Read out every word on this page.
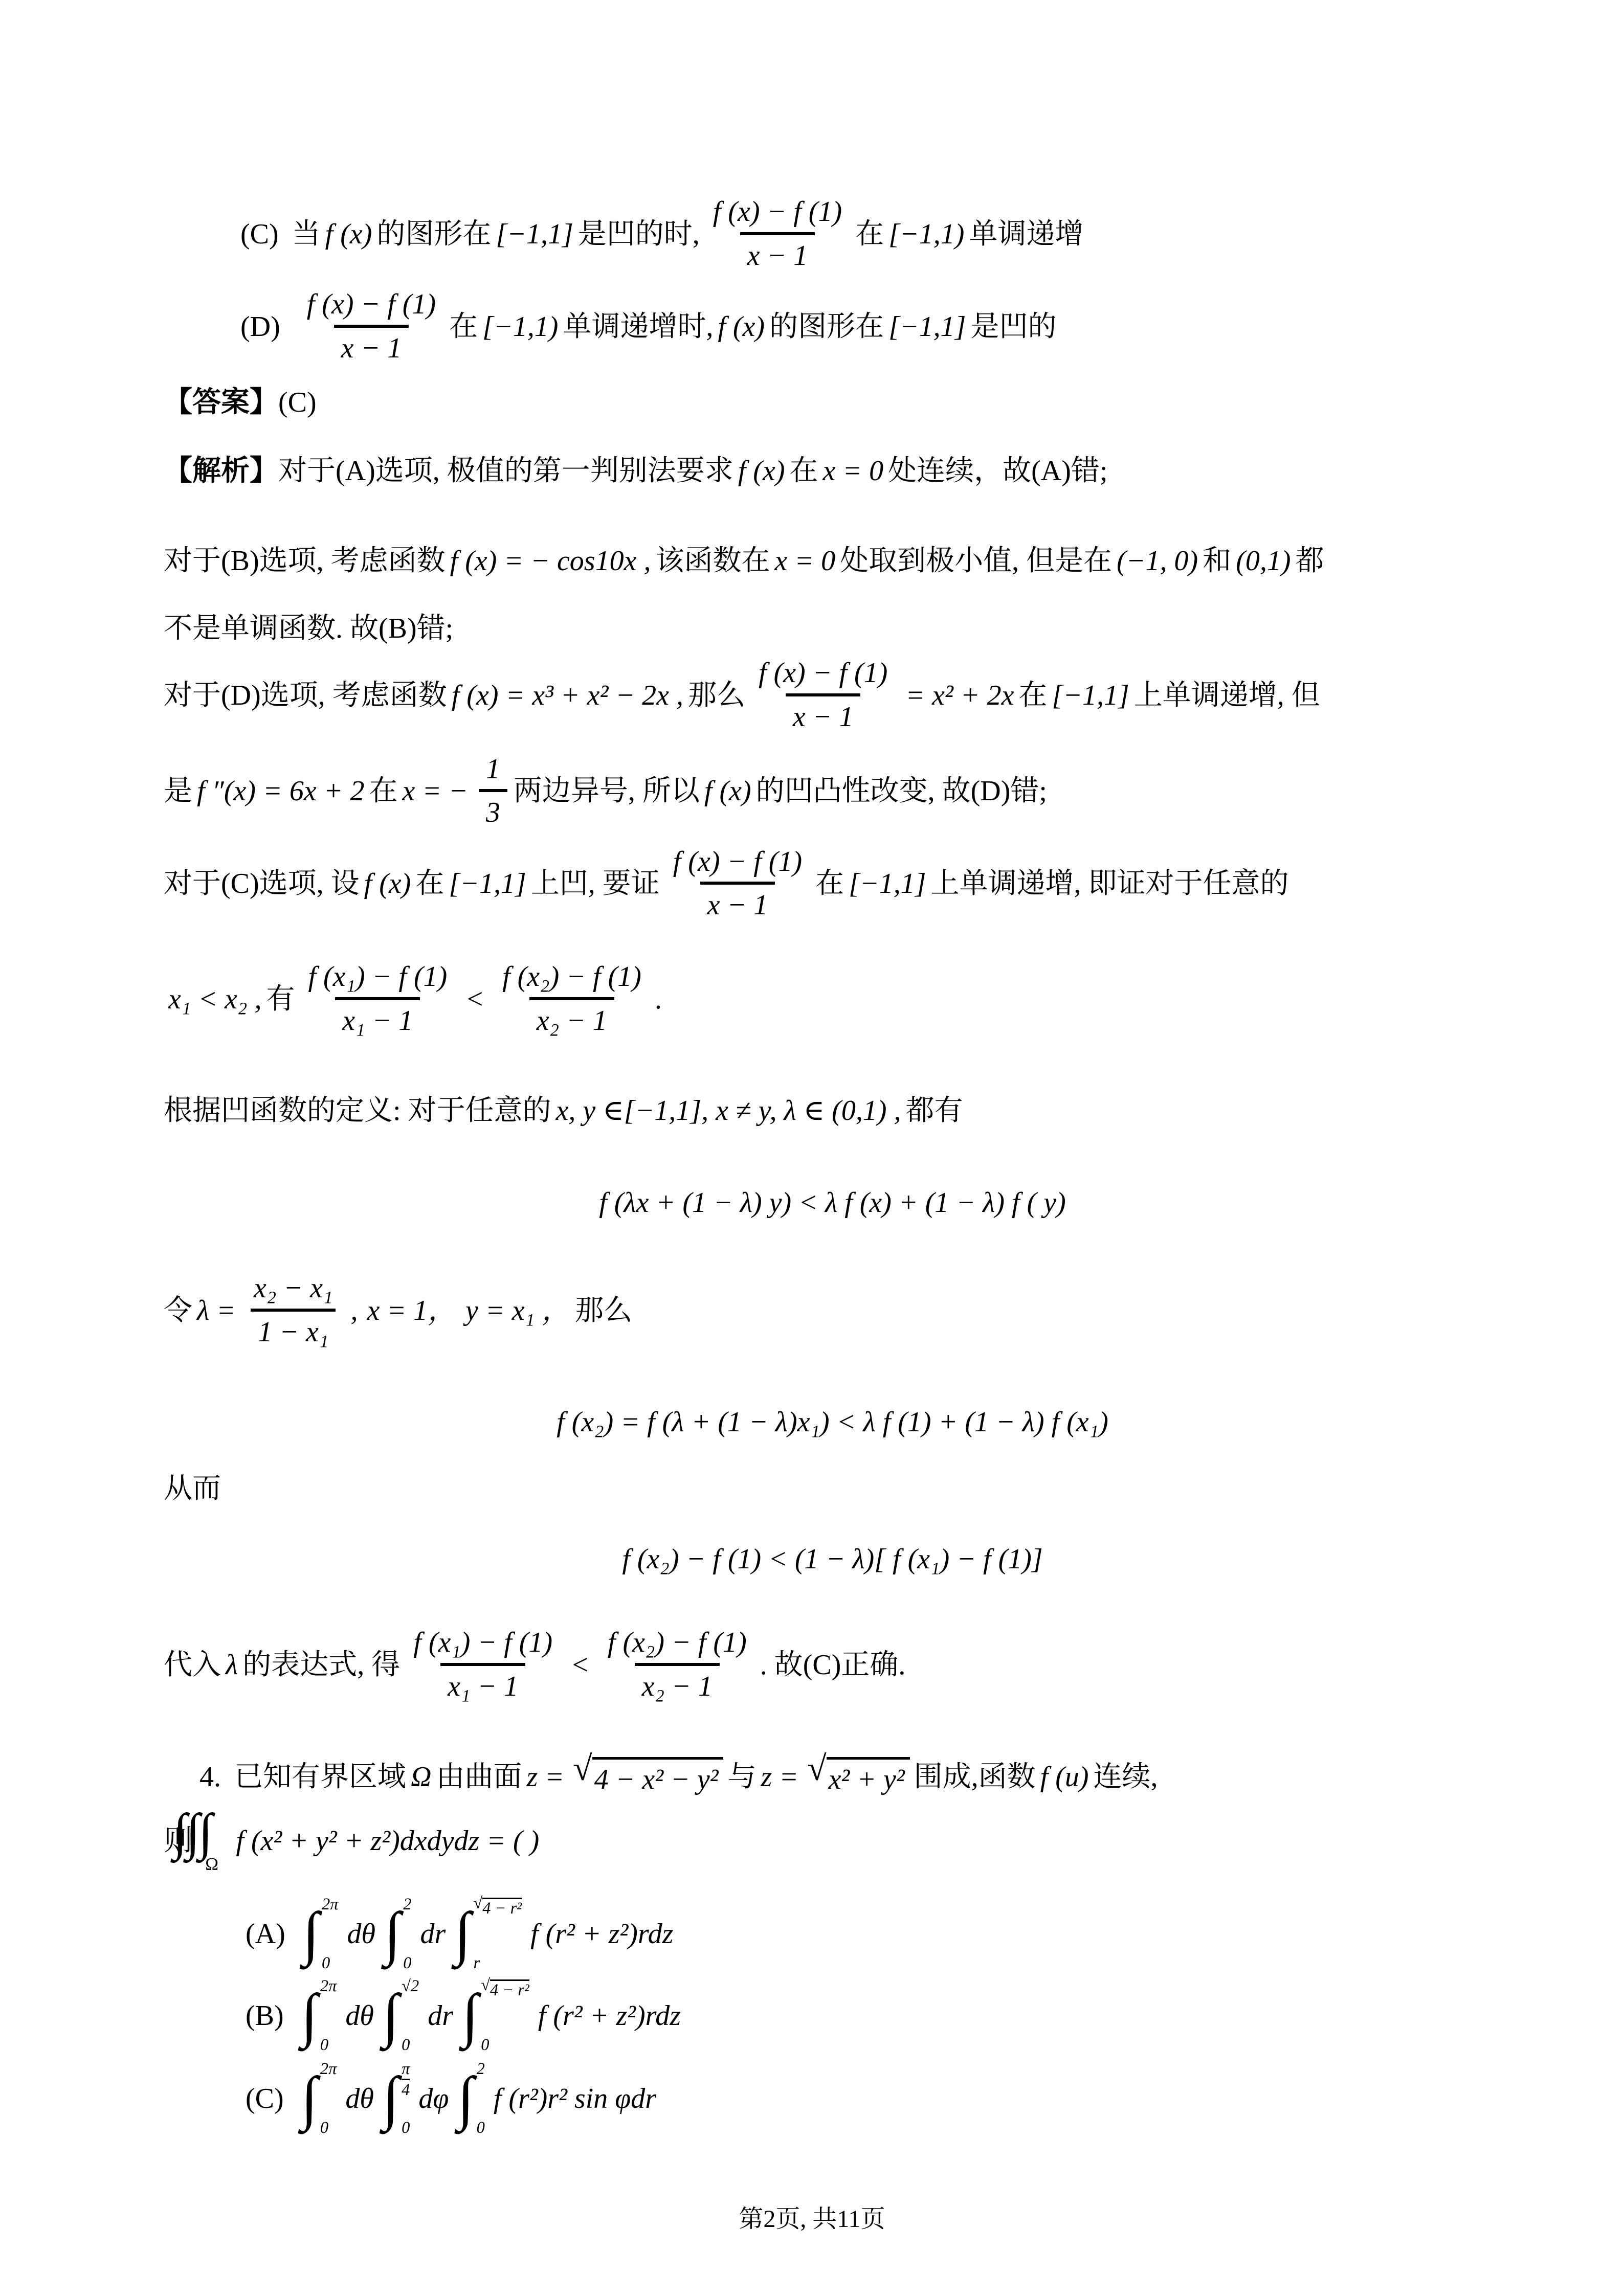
(C) 当 f (x) 的图形在 [−1,1] 是凹的时, $\frac{f (x) - f (1)}{x - 1}$ 在 [−1,1) 单调递增
$(D) \frac{f (x) - f (1)}{x - 1}$ 在 [−1,1) 单调递增时, f (x) 的图形在 [−1,1] 是凹的
【答案】 (C)
【解析】 对于(A)选项, 极值的第一判别法要求 f (x) 在 x = 0 处连续，故(A)错;
对于(B)选项, 考虑函数 f (x) = − cos10x , 该函数在 x = 0 处取到极小值, 但是在 (−1, 0) 和 (0,1) 都
不是单调函数. 故(B)错;
对于(D)选项, 考虑函数 f (x) = x³ + x² − 2x , 那么 $\frac{f (x) - f (1)}{x - 1} = x^2 + 2x$ 在 [−1,1] 上单调递增, 但
是 f ″(x) = 6x + 2 在 x = − $\frac{1}{3}$ 两边异号, 所以 f (x) 的凹凸性改变, 故(D)错;
对于(C)选项, 设 f (x) 在 [−1,1] 上凹, 要证 $\frac{f (x) - f (1)}{x - 1}$ 在 [−1,1] 上单调递增, 即证对于任意的
x₁ < x₂ , 有 $\frac{\text{f (x₁) − f (1)}}{\text{x₁ − 1}} < \frac{\text{f (x₂) − f (1)}}{\text{x₂ − 1}}$ .
根据凹函数的定义: 对于任意的 x, y ∈[−1,1], x ≠ y, λ ∈ (0,1) , 都有
f (λx + (1 − λ) y) < λ f (x) + (1 − λ) f ( y)
令 $\lambda = \frac{\text{x₂ − x₁}}{\text{1 − x₁}}$ , x = 1， y = x₁ ， 那么
f (x₂) = f (λ + (1 − λ)x₁) < λ f (1) + (1 − λ) f (x₁)
从而
f (x₂) − f (1) < (1 − λ)[ f (x₁) − f (1)]
代入 λ 的表达式, 得 $\frac{\text{f (x₁) − f (1)}}{\text{x₁ − 1}} < \frac{\text{f (x₂) − f (1)}}{\text{x₂ − 1}}$ . 故(C)正确.
4. 已知有界区域 Ω 由曲面 z = √ 4 − x² − y² 与 z = √ x² + y² 围成,函数 f (u) 连续,
则
Ω
f (x² + y² + z²)dxdydz = ( )
(A) ∫ 2π
0
dθ ∫ 2
0
dr ∫ √ 4 − r²
r
f (r² + z²)rdz
(B) ∫ 2π
0
dθ ∫ √2
0
dr ∫ √ 4 − r²
0
f (r² + z²)rdz
(C) ∫ 2π
0
dθ ∫ $\frac{\pi}{4}$
0
dφ ∫ 2
0
f (r²)r² sin φdr
第2页, 共11页
